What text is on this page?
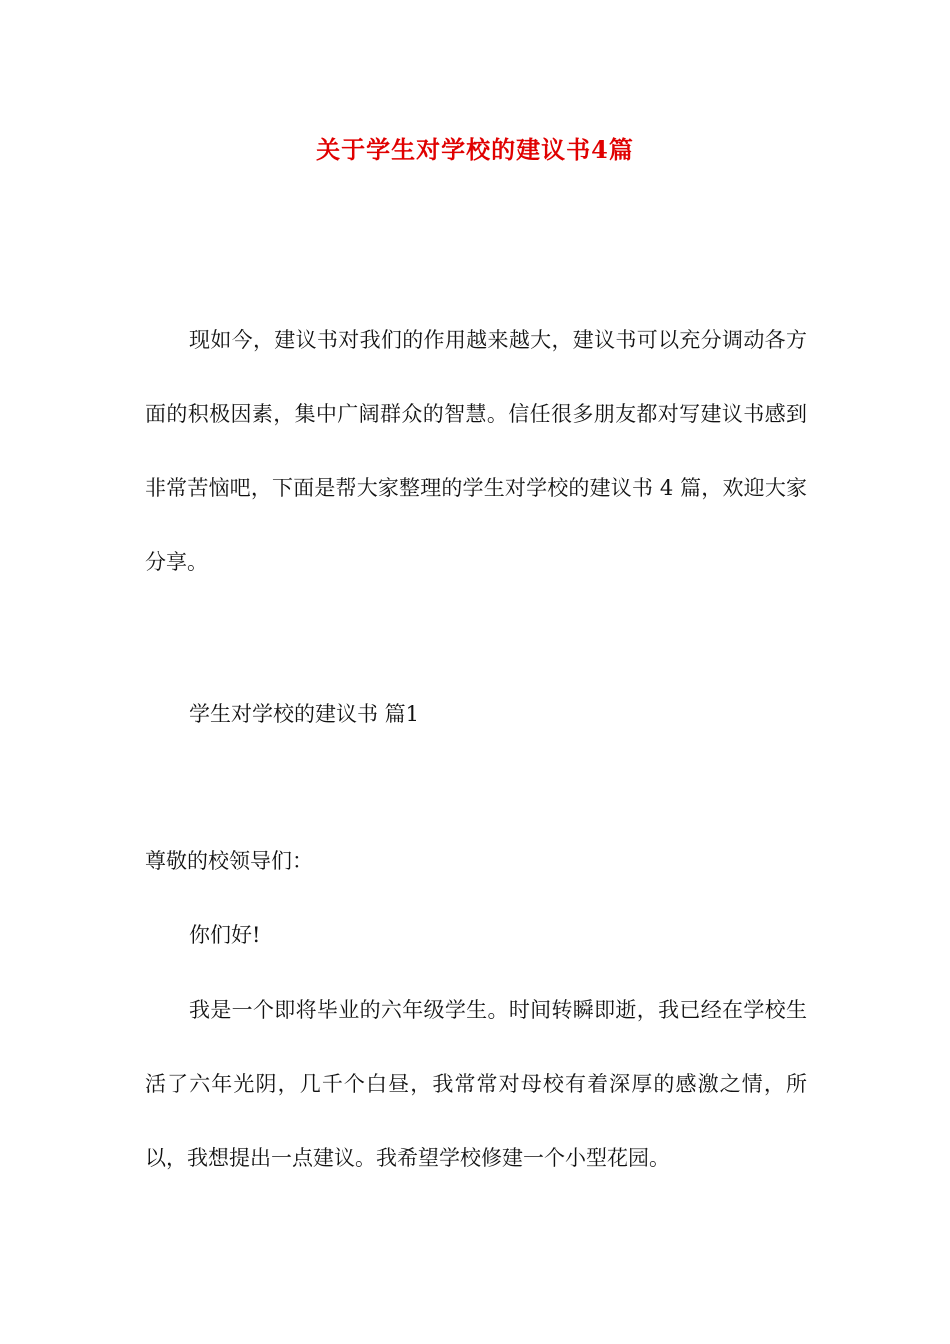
关于学生对学校的建议书4篇

现如今，建议书对我们的作用越来越大，建议书可以充分调动各方面的积极因素，集中广阔群众的智慧。信任很多朋友都对写建议书感到非常苦恼吧，下面是帮大家整理的学生对学校的建议书 4 篇，欢迎大家分享。

学生对学校的建议书 篇1

尊敬的校领导们：

你们好!

我是一个即将毕业的六年级学生。时间转瞬即逝，我已经在学校生活了六年光阴，几千个白昼，我常常对母校有着深厚的感激之情，所以，我想提出一点建议。我希望学校修建一个小型花园。
